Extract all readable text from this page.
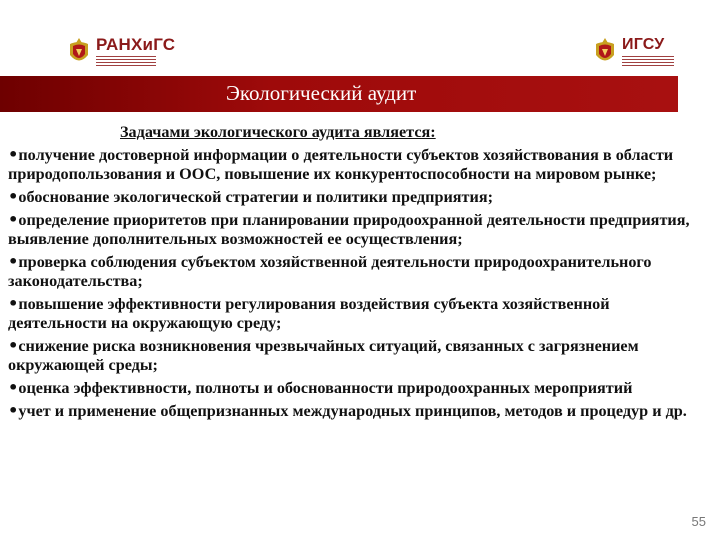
РАНХиГС	ИГСУ
Экологический аудит
Задачами экологического аудита является:
•получение достоверной информации о деятельности субъектов хозяйствования в области природопользования и ООС, повышение их конкурентоспособности на мировом рынке;
•обоснование экологической стратегии и политики предприятия;
•определение приоритетов при планировании природоохранной деятельности предприятия, выявление дополнительных возможностей ее осуществления;
•проверка соблюдения субъектом хозяйственной деятельности природоохранительного законодательства;
•повышение эффективности регулирования воздействия субъекта хозяйственной деятельности на окружающую среду;
•снижение риска возникновения чрезвычайных ситуаций, связанных с загрязнением окружающей среды;
•оценка эффективности, полноты и обоснованности природоохранных мероприятий
•учет и применение общепризнанных международных принципов, методов и процедур и др.
55
